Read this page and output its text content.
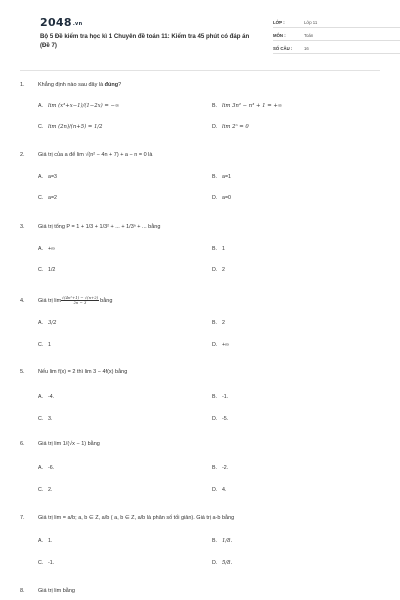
2048.vn
Bộ 5 Đề kiểm tra học kì 1 Chuyên đề toán 11: Kiểm tra 45 phút có đáp án (Đề 7)
LỚP :	Lớp 11
MÔN :	Toán
SỐ CÂU :	16
1. Khẳng định nào sau đây là đúng?
A. lim (x³+x−1)/(1−2x) = −∞	B. lim 3n² − n³ + 1 = +∞
C. lim (2n)/(n+5) = 1/2	D. lim 2ⁿ = 0
2. Giá trị của a để lim √(n² − 4n + 7) + a − n = 0 là
A. a=3	B. a=1
C. a=2	D. a=0
3. Giá trị tổng P = 1 + 1/3 + 1/3² + ... + 1/3ⁿ + ... bằng
A. +∞	B. 1
C. 1/2	D. 2
4. Giá trị $\lim \frac{\text{√(4n²+1) − √(n+2)}}{2n - 3}$ bằng
A. 3/2	B. 2
C. 1	D. +∞
5. Nếu lim f(x) = 2 thì lim 3 − 4f(x) bằng
A. -4.	B. -1.
C. 3.	D. -5.
6. Giá trị lim 1/(√x − 1) bằng
A. -6.	B. -2.
C. 2.	D. 4.
7. Giá trị lim = a/b; a, b ∈ Z, a/b ( a, b ∈ Z, a/b là phân số tối giản). Giá trị a-b bằng
A. 1.	B. 1/8.
C. -1.	D. 5/8.
8. Giá trị lim bằng
